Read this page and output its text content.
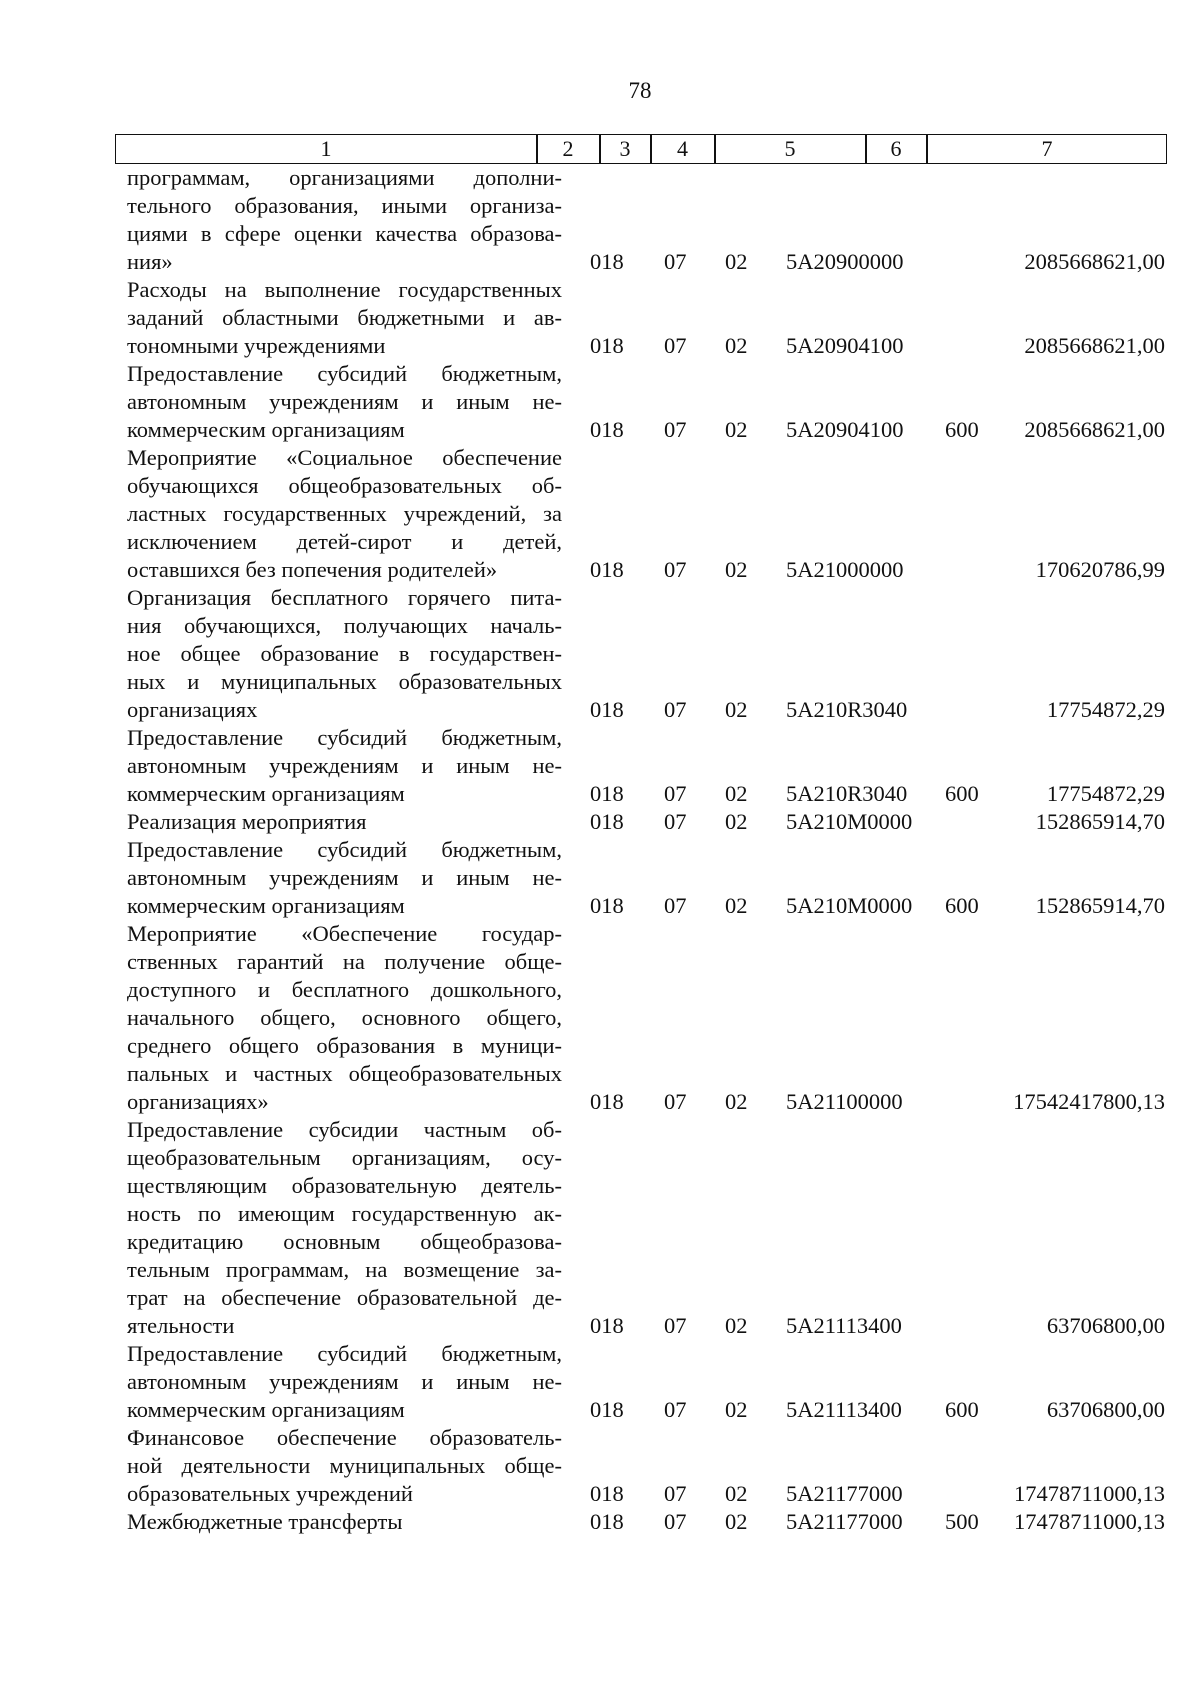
78
1	2	3	4	5	6	7
программам, организациями дополни-
тельного образования, иными организа-
циями в сфере оценки качества образова-
ния»	018 07 02 5А20900000	2085668621,00
Расходы на выполнение государственных
заданий областными бюджетными и ав-
тономными учреждениями	018 07 02 5А20904100	2085668621,00
Предоставление субсидий бюджетным,
автономным учреждениям и иным не-
коммерческим организациям	018 07 02 5А20904100 600 2085668621,00
Мероприятие «Социальное обеспечение
обучающихся общеобразовательных об-
ластных государственных учреждений, за
исключением детей-сирот и детей,
оставшихся без попечения родителей»	018 07 02 5А21000000	170620786,99
Организация бесплатного горячего пита-
ния обучающихся, получающих началь-
ное общее образование в государствен-
ных и муниципальных образовательных
организациях	018 07 02 5А210R3040	17754872,29
Предоставление субсидий бюджетным,
автономным учреждениям и иным не-
коммерческим организациям	018 07 02 5А210R3040 600	17754872,29
Реализация мероприятия	018 07 02 5А210М0000	152865914,70
Предоставление субсидий бюджетным,
автономным учреждениям и иным не-
коммерческим организациям	018 07 02 5А210М0000 600	152865914,70
Мероприятие «Обеспечение государ-
ственных гарантий на получение обще-
доступного и бесплатного дошкольного,
начального общего, основного общего,
среднего общего образования в муници-
пальных и частных общеобразовательных
организациях»	018 07 02 5А21100000	17542417800,13
Предоставление субсидии частным об-
щеобразовательным организациям, осу-
ществляющим образовательную деятель-
ность по имеющим государственную ак-
кредитацию основным общеобразова-
тельным программам, на возмещение за-
трат на обеспечение образовательной де-
ятельности	018 07 02 5А21113400	63706800,00
Предоставление субсидий бюджетным,
автономным учреждениям и иным не-
коммерческим организациям	018 07 02 5А21113400 600	63706800,00
Финансовое обеспечение образователь-
ной деятельности муниципальных обще-
образовательных учреждений	018 07 02 5А21177000	17478711000,13
Межбюджетные трансферты	018 07 02 5А21177000 500 17478711000,13
